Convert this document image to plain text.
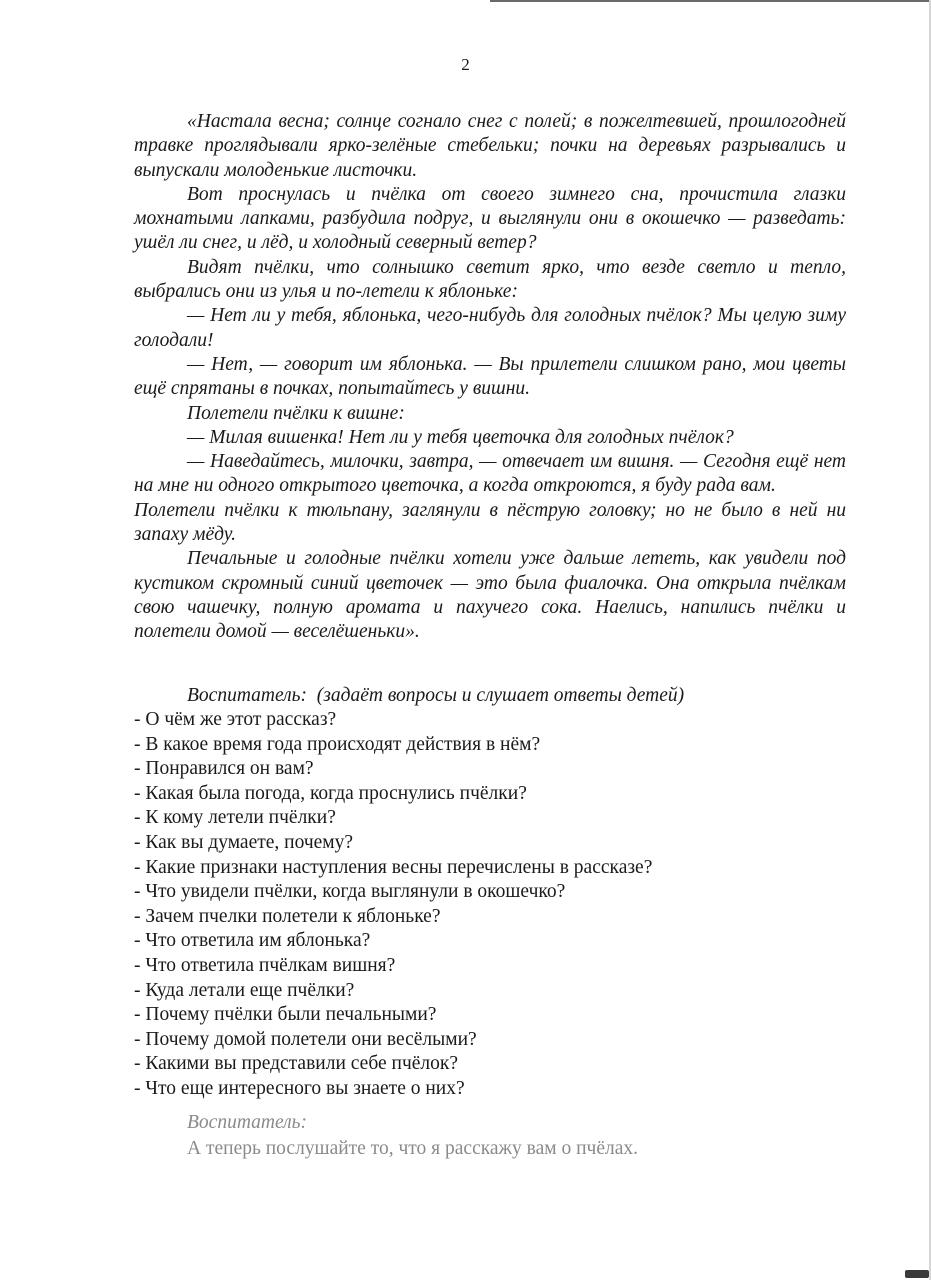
2

«Настала весна; солнце согнало снег с полей; в пожелтевшей, прошлогодней травке проглядывали ярко-зелёные стебельки; почки на деревьях разрывались и выпускали молоденькие листочки.

Вот проснулась и пчёлка от своего зимнего сна, прочистила глазки мохнатыми лапками, разбудила подруг, и выглянули они в окошечко — разведать: ушёл ли снег, и лёд, и холодный северный ветер?

Видят пчёлки, что солнышко светит ярко, что везде светло и тепло, выбрались они из улья и по-летели к яблоньке:

— Нет ли у тебя, яблонька, чего-нибудь для голодных пчёлок? Мы целую зиму голодали!

— Нет, — говорит им яблонька. — Вы прилетели слишком рано, мои цветы ещё спрятаны в почках, попытайтесь у вишни.

Полетели пчёлки к вишне:

— Милая вишенка! Нет ли у тебя цветочка для голодных пчёлок?

— Наведайтесь, милочки, завтра, — отвечает им вишня. — Сегодня ещё нет на мне ни одного открытого цветочка, а когда откроются, я буду рада вам.

Полетели пчёлки к тюльпану, заглянули в пёструю головку; но не было в ней ни запаху мёду.

Печальные и голодные пчёлки хотели уже дальше лететь, как увидели под кустиком скромный синий цветочек — это была фиалочка. Она открыла пчёлкам свою чашечку, полную аромата и пахучего сока. Наелись, напились пчёлки и полетели домой — веселёшеньки».

Воспитатель: (задаёт вопросы и слушает ответы детей)
- О чём же этот рассказ?
- В какое время года происходят действия в нём?
- Понравился он вам?
- Какая была погода, когда проснулись пчёлки?
- К кому летели пчёлки?
- Как вы думаете, почему?
- Какие признаки наступления весны перечислены в рассказе?
- Что увидели пчёлки, когда выглянули в окошечко?
- Зачем пчелки полетели к яблоньке?
- Что ответила им яблонька?
- Что ответила пчёлкам вишня?
- Куда летали еще пчёлки?
- Почему пчёлки были печальными?
- Почему домой полетели они весёлыми?
- Какими вы представили себе пчёлок?
- Что еще интересного вы знаете о них?
Воспитатель:
А теперь послушайте то, что я расскажу вам о пчёлах.
